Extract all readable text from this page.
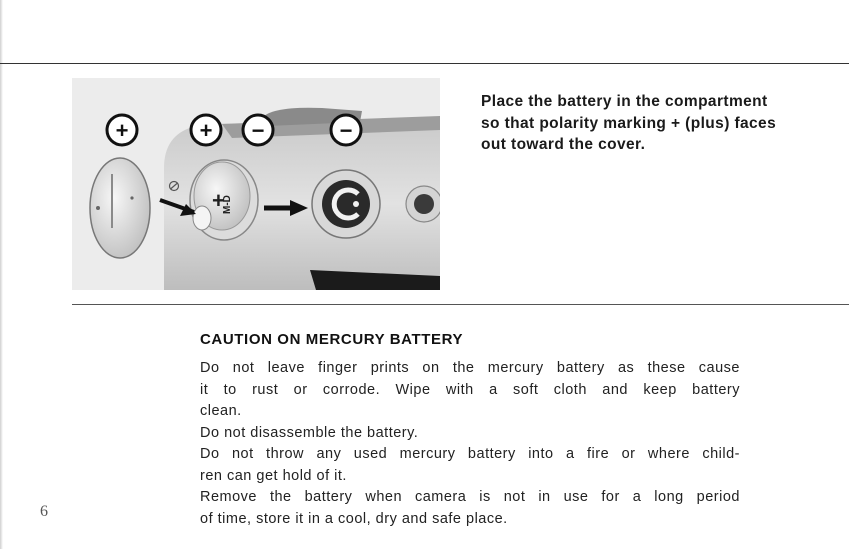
+
M-D
+	+ −	−
Place the battery in the compartment
so that polarity marking + (plus) faces
out toward the cover.
CAUTION ON MERCURY BATTERY
Do not leave finger prints on the mercury battery as these cause
it to rust or corrode. Wipe with a soft cloth and keep battery
clean.
Do not disassemble the battery.
Do not throw any used mercury battery into a fire or where child-
ren can get hold of it.
Remove the battery when camera is not in use for a long period
of time, store it in a cool, dry and safe place.
6
